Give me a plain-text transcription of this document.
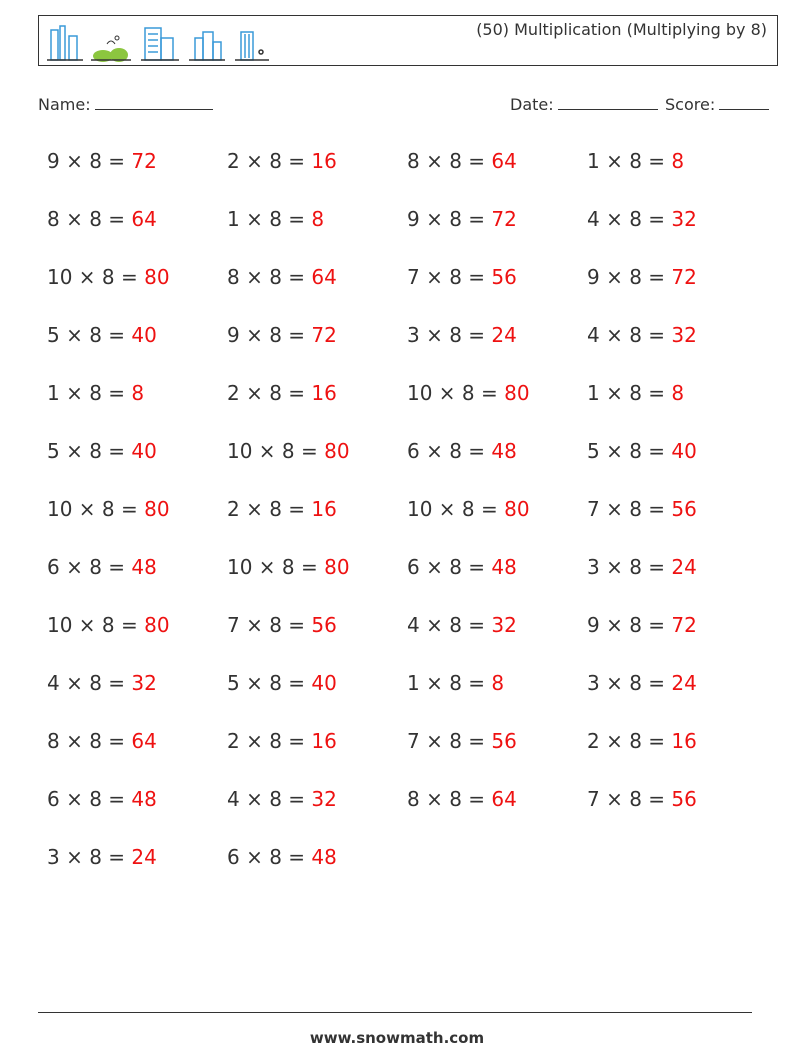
(50) Multiplication (Multiplying by 8)
Name:	Date:	Score:
9 × 8 = 72	2 × 8 = 16	8 × 8 = 64	1 × 8 = 8
8 × 8 = 64	1 × 8 = 8	9 × 8 = 72	4 × 8 = 32
10 × 8 = 80	8 × 8 = 64	7 × 8 = 56	9 × 8 = 72
5 × 8 = 40	9 × 8 = 72	3 × 8 = 24	4 × 8 = 32
1 × 8 = 8	2 × 8 = 16	10 × 8 = 80	1 × 8 = 8
5 × 8 = 40	10 × 8 = 80	6 × 8 = 48	5 × 8 = 40
10 × 8 = 80	2 × 8 = 16	10 × 8 = 80	7 × 8 = 56
6 × 8 = 48	10 × 8 = 80	6 × 8 = 48	3 × 8 = 24
10 × 8 = 80	7 × 8 = 56	4 × 8 = 32	9 × 8 = 72
4 × 8 = 32	5 × 8 = 40	1 × 8 = 8	3 × 8 = 24
8 × 8 = 64	2 × 8 = 16	7 × 8 = 56	2 × 8 = 16
6 × 8 = 48	4 × 8 = 32	8 × 8 = 64	7 × 8 = 56
3 × 8 = 24	6 × 8 = 48
www.snowmath.com
